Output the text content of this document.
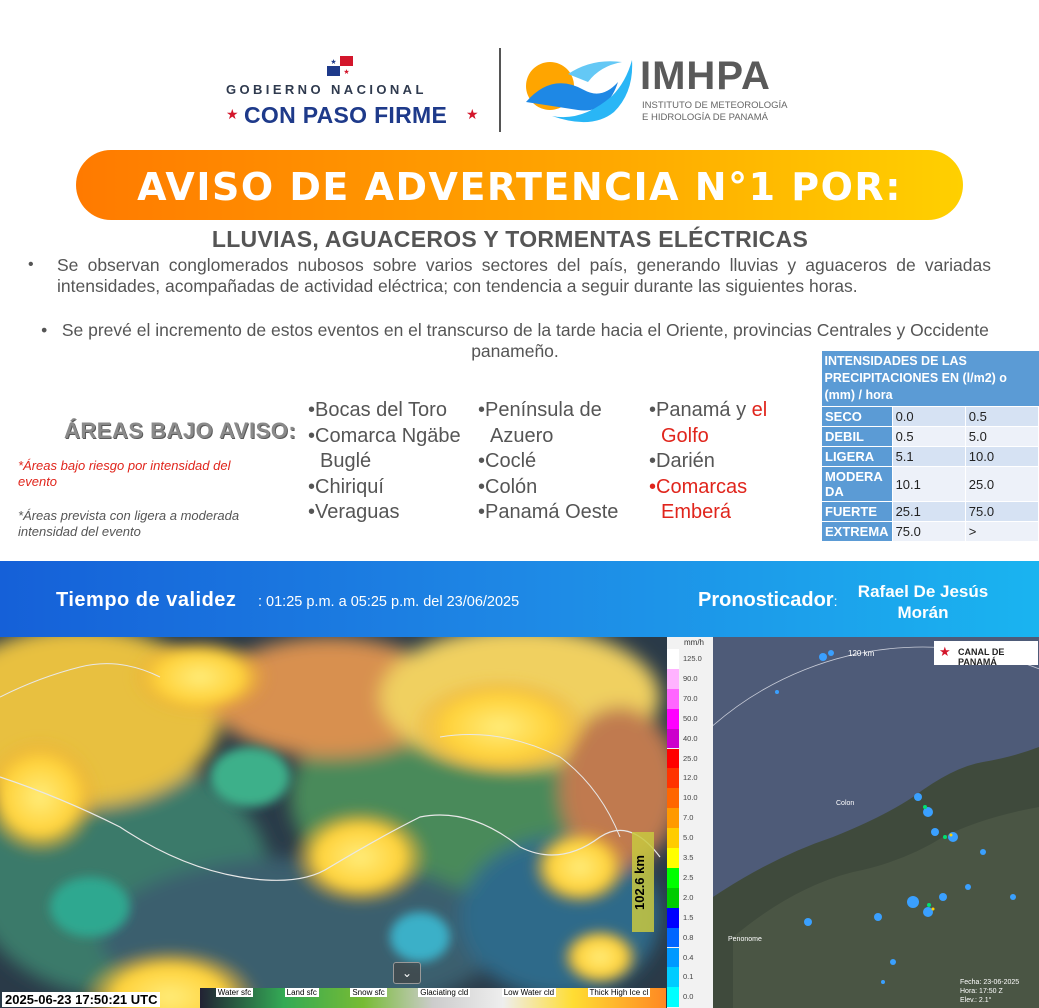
★
★
GOBIERNO NACIONAL
★ CON PASO FIRME ★
IMHPA
INSTITUTO DE METEOROLOGÍA
E HIDROLOGÍA DE PANAMÁ
AVISO DE ADVERTENCIA N°1 POR:
LLUVIAS, AGUACEROS Y TORMENTAS ELÉCTRICAS
• Se observan conglomerados nubosos sobre varios sectores del país, generando lluvias y aguaceros de variadas intensidades, acompañadas de actividad eléctrica; con tendencia a seguir durante las siguientes horas.
• Se prevé el incremento de estos eventos en el transcurso de la tarde hacia el Oriente, provincias Centrales y Occidente panameño.
ÁREAS BAJO AVISO:
*Áreas bajo riesgo por intensidad del evento
*Áreas prevista con ligera a moderada intensidad del evento
•Bocas del Toro
•Comarca Ngäbe Buglé
•Chiriquí
•Veraguas
•Península de Azuero
•Coclé
•Colón
•Panamá Oeste
•Panamá y el Golfo
•Darién
•Comarcas Emberá
INTENSIDADES DE LAS PRECIPITACIONES EN (l/m2) o (mm) / hora		
SECO	0.0	0.5
DEBIL	0.5	5.0
LIGERA	5.1	10.0
MODERADA	10.1	25.0
FUERTE	25.1	75.0
EXTREMA	75.0	>
Tiempo de validez : 01:25 p.m. a 05:25 p.m. del 23/06/2025	Pronosticador:	Rafael De Jesús Morán
102.6 km
⌄
2025-06-23 17:50:21 UTC	Water sfc	Land sfc	Snow sfc	Glaciating cld	Low Water cld	Thick High Ice cl
125.0
90.0
70.0
50.0
40.0
25.0
12.0
10.0
7.0
5.0
3.5
2.5
2.0
1.5
0.8
0.4
0.1
0.0
mm/h
120 km
Colon
Penonome
★ CANAL DE PANAMÁ
Fecha: 23-06-2025
Hora: 17:50 Z
Elev.: 2.1°
